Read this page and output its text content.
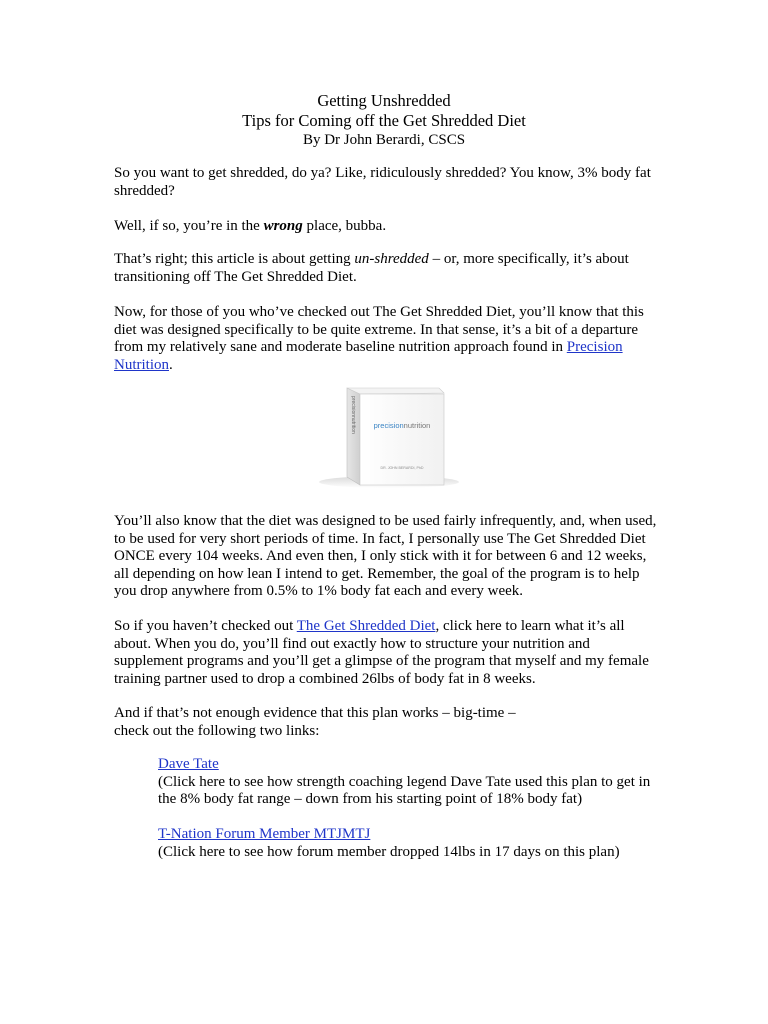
Getting Unshredded
Tips for Coming off the Get Shredded Diet
By Dr John Berardi, CSCS

So you want to get shredded, do ya? Like, ridiculously shredded? You know, 3% body fat shredded?

Well, if so, you’re in the wrong place, bubba.

That’s right; this article is about getting un-shredded – or, more specifically, it’s about transitioning off The Get Shredded Diet.

Now, for those of you who’ve checked out The Get Shredded Diet, you’ll know that this diet was designed specifically to be quite extreme. In that sense, it’s a bit of a departure from my relatively sane and moderate baseline nutrition approach found in Precision Nutrition.

precisionnutrition precisionnutrition
DR. JOHN BERARDI, PhD

You’ll also know that the diet was designed to be used fairly infrequently, and, when used, to be used for very short periods of time. In fact, I personally use The Get Shredded Diet ONCE every 104 weeks. And even then, I only stick with it for between 6 and 12 weeks, all depending on how lean I intend to get. Remember, the goal of the program is to help you drop anywhere from 0.5% to 1% body fat each and every week.

So if you haven’t checked out The Get Shredded Diet, click here to learn what it’s all about. When you do, you’ll find out exactly how to structure your nutrition and supplement programs and you’ll get a glimpse of the program that myself and my female training partner used to drop a combined 26lbs of body fat in 8 weeks.

And if that’s not enough evidence that this plan works – big-time –
check out the following two links:

Dave Tate
(Click here to see how strength coaching legend Dave Tate used this plan to get in the 8% body fat range – down from his starting point of 18% body fat)
T-Nation Forum Member MTJMTJ
(Click here to see how forum member dropped 14lbs in 17 days on this plan)
